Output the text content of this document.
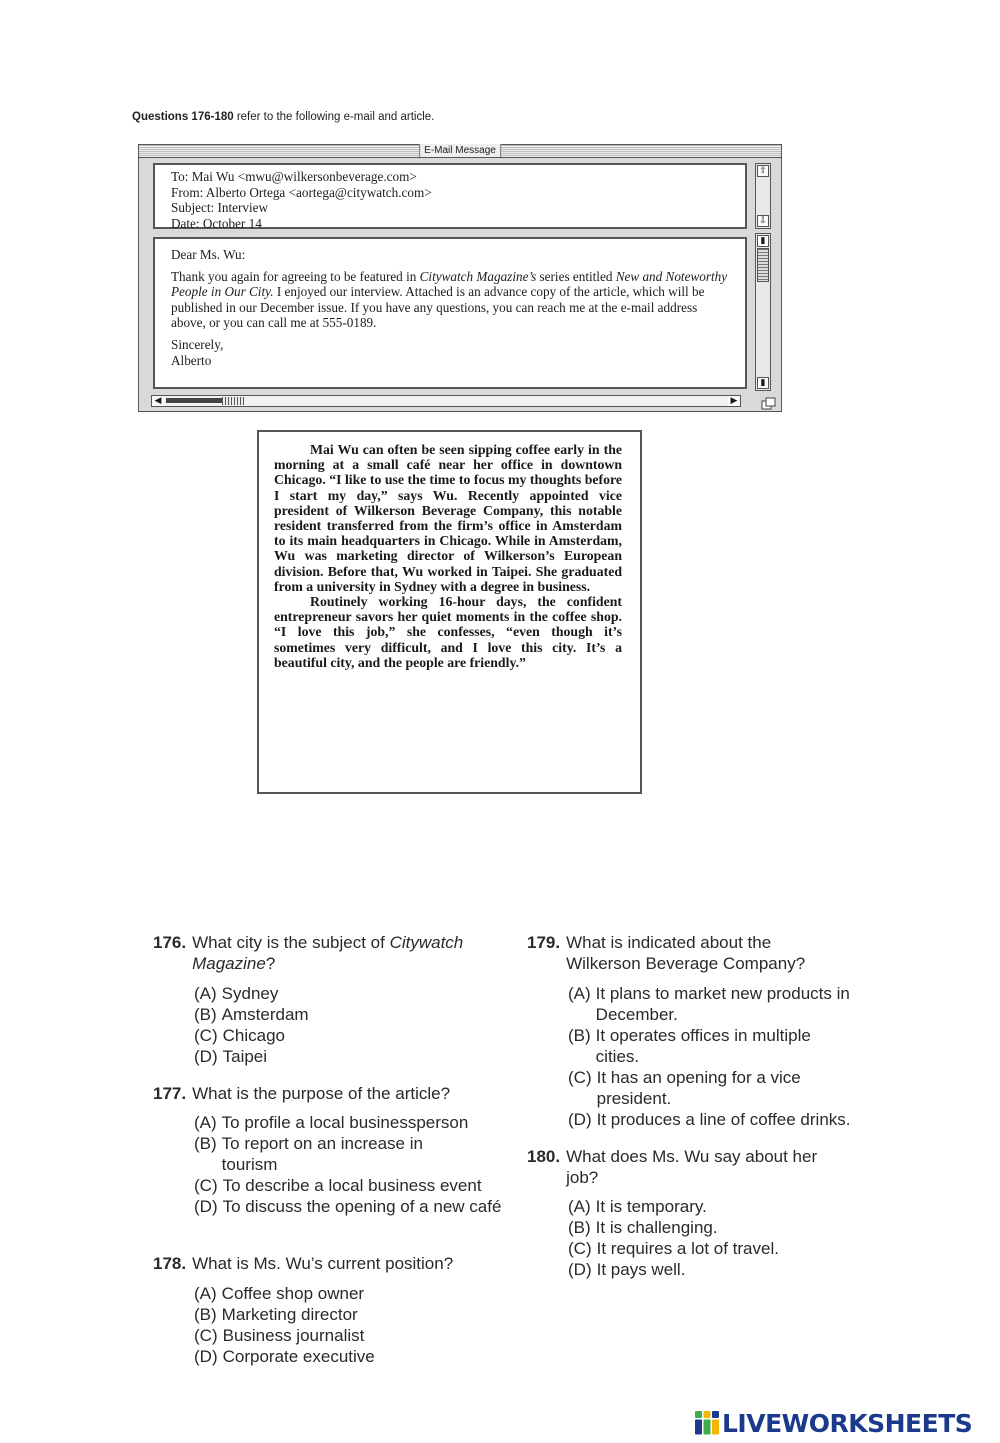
Questions 176-180 refer to the following e-mail and article.
E-Mail Message
To: Mai Wu <mwu@wilkersonbeverage.com>
From: Alberto Ortega <aortega@citywatch.com>
Subject: Interview
Date: October 14
⇧
⇩

Dear Ms. Wu:

Thank you again for agreeing to be featured in Citywatch Magazine’s series entitled New and Noteworthy People in Our City. I enjoyed our interview. Attached is an advance copy of the article, which will be published in our December issue. If you have any questions, you can reach me at the e-mail address above, or you can call me at 555-0189.

Sincerely,
Alberto
▮
▮
◀	▶

Mai Wu can often be seen sipping coffee early in the morning at a small café near her office in downtown Chicago. “I like to use the time to focus my thoughts before I start my day,” says Wu. Recently appointed vice president of Wilkerson Beverage Company, this notable resident transferred from the firm’s office in Amsterdam to its main headquarters in Chicago. While in Amsterdam, Wu was marketing director of Wilkerson’s European division. Before that, Wu worked in Taipei. She graduated from a university in Sydney with a degree in business.

Routinely working 16-hour days, the confident entrepreneur savors her quiet moments in the coffee shop. “I love this job,” she confesses, “even though it’s sometimes very difficult, and I love this city. It’s a beautiful city, and the people are friendly.”

176. What city is the subject of Citywatch Magazine?
(A) Sydney
(B) Amsterdam
(C) Chicago
(D) Taipei
177. What is the purpose of the article?
(A) To profile a local businessperson
(B) To report on an increase in tourism
(C) To describe a local business event
(D) To discuss the opening of a new café
178. What is Ms. Wu’s current position?
(A) Coffee shop owner
(B) Marketing director
(C) Business journalist
(D) Corporate executive
179. What is indicated about the Wilkerson Beverage Company?
(A) It plans to market new products in December.
(B) It operates offices in multiple cities.
(C) It has an opening for a vice president.
(D) It produces a line of coffee drinks.
180. What does Ms. Wu say about her job?
(A) It is temporary.
(B) It is challenging.
(C) It requires a lot of travel.
(D) It pays well.
LIVEWORKSHEETS
